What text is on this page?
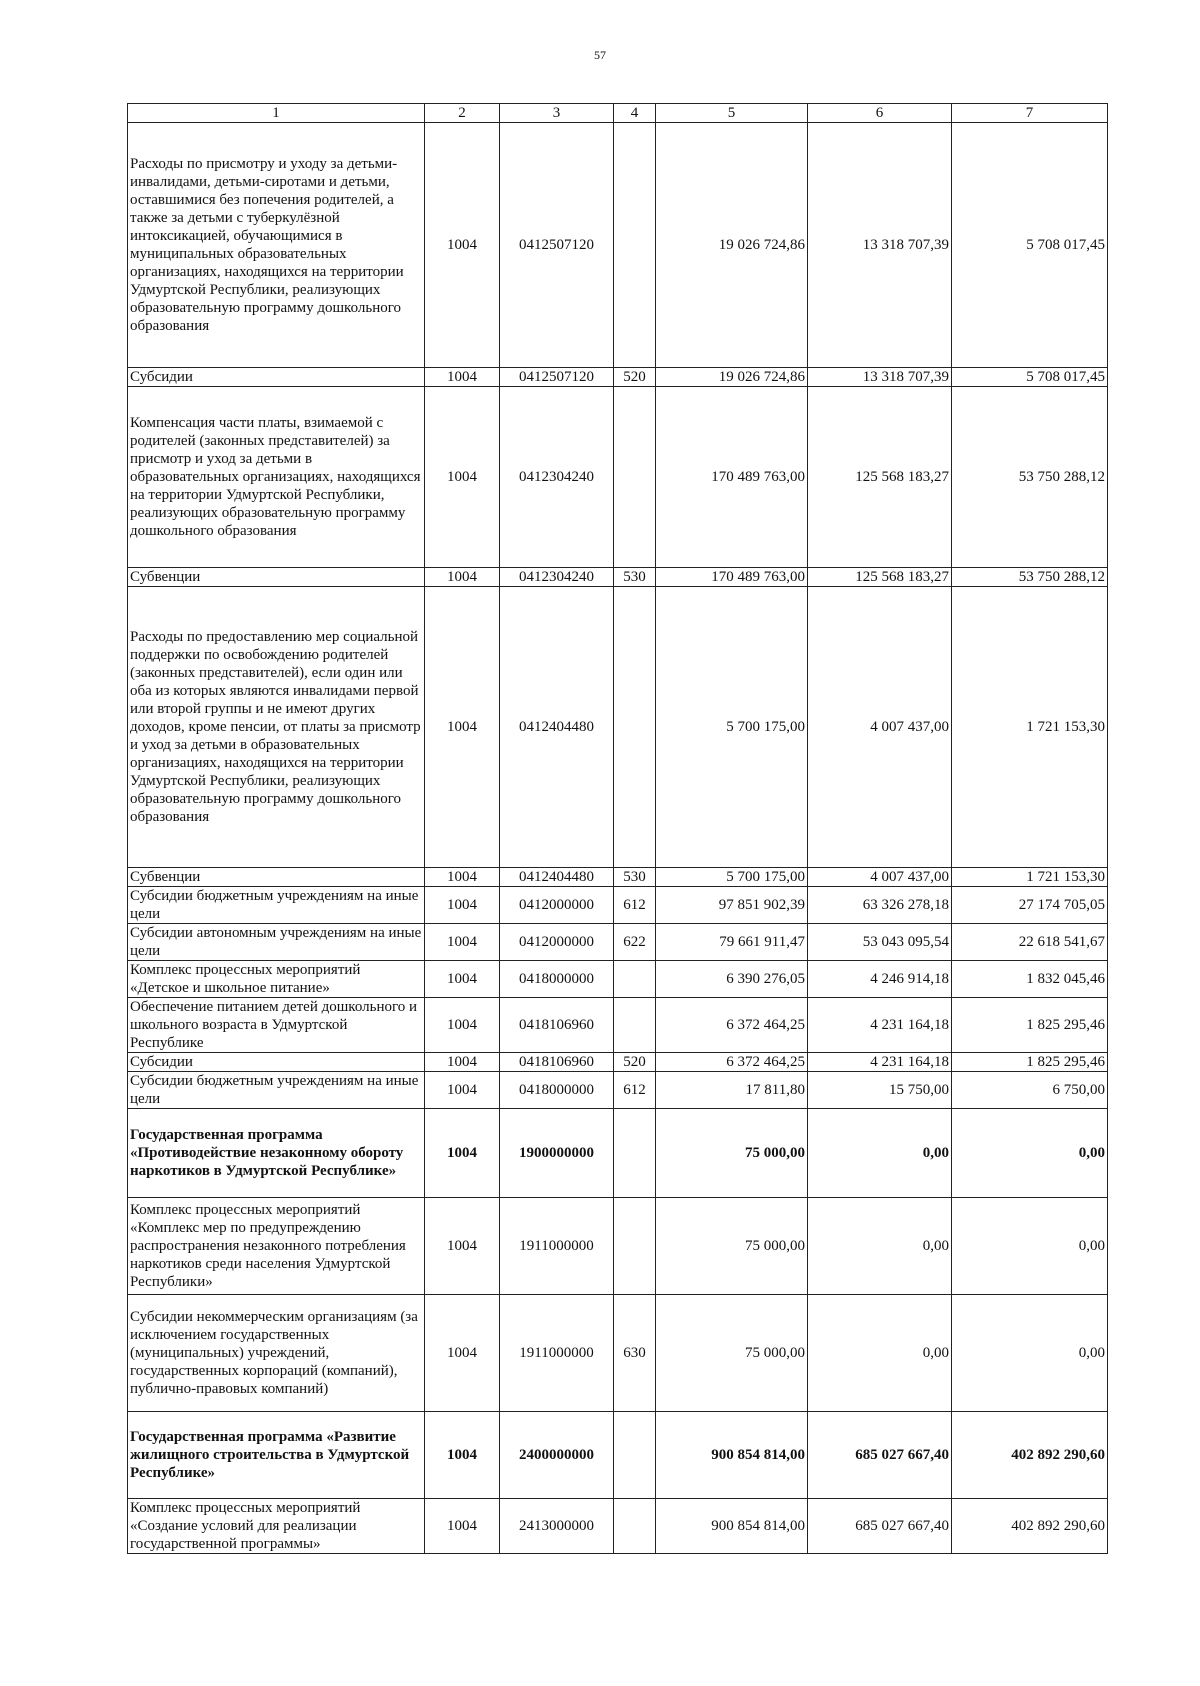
57
1	2	3	4	5	6	7
Расходы по присмотру и уходу за детьми-инвалидами, детьми-сиротами и детьми, оставшимися без попечения родителей, а также за детьми с туберкулёзной интоксикацией, обучающимися в муниципальных образовательных организациях, находящихся на территории Удмуртской Республики, реализующих образовательную программу дошкольного образования	1004	0412507120		19 026 724,86	13 318 707,39	5 708 017,45
Субсидии	1004	0412507120	520	19 026 724,86	13 318 707,39	5 708 017,45
Компенсация части платы, взимаемой с родителей (законных представителей) за присмотр и уход за детьми в образовательных организациях, находящихся на территории Удмуртской Республики, реализующих образовательную программу дошкольного образования	1004	0412304240		170 489 763,00	125 568 183,27	53 750 288,12
Субвенции	1004	0412304240	530	170 489 763,00	125 568 183,27	53 750 288,12
Расходы по предоставлению мер социальной поддержки по освобождению родителей (законных представителей), если один или оба из которых являются инвалидами первой или второй группы и не имеют других доходов, кроме пенсии, от платы за присмотр и уход за детьми в образовательных организациях, находящихся на территории Удмуртской Республики, реализующих образовательную программу дошкольного образования	1004	0412404480		5 700 175,00	4 007 437,00	1 721 153,30
Субвенции	1004	0412404480	530	5 700 175,00	4 007 437,00	1 721 153,30
Субсидии бюджетным учреждениям на иные цели	1004	0412000000	612	97 851 902,39	63 326 278,18	27 174 705,05
Субсидии автономным учреждениям на иные цели	1004	0412000000	622	79 661 911,47	53 043 095,54	22 618 541,67
Комплекс процессных мероприятий «Детское и школьное питание»	1004	0418000000		6 390 276,05	4 246 914,18	1 832 045,46
Обеспечение питанием детей дошкольного и школьного возраста в Удмуртской Республике	1004	0418106960		6 372 464,25	4 231 164,18	1 825 295,46
Субсидии	1004	0418106960	520	6 372 464,25	4 231 164,18	1 825 295,46
Субсидии бюджетным учреждениям на иные цели	1004	0418000000	612	17 811,80	15 750,00	6 750,00
Государственная программа «Противодействие незаконному обороту наркотиков в Удмуртской Республике»	1004	1900000000		75 000,00	0,00	0,00
Комплекс процессных мероприятий «Комплекс мер по предупреждению распространения незаконного потребления наркотиков среди населения Удмуртской Республики»	1004	1911000000		75 000,00	0,00	0,00
Субсидии некоммерческим организациям (за исключением государственных (муниципальных) учреждений, государственных корпораций (компаний), публично-правовых компаний)	1004	1911000000	630	75 000,00	0,00	0,00
Государственная программа «Развитие жилищного строительства в Удмуртской Республике»	1004	2400000000		900 854 814,00	685 027 667,40	402 892 290,60
Комплекс процессных мероприятий «Создание условий для реализации государственной программы»	1004	2413000000		900 854 814,00	685 027 667,40	402 892 290,60
